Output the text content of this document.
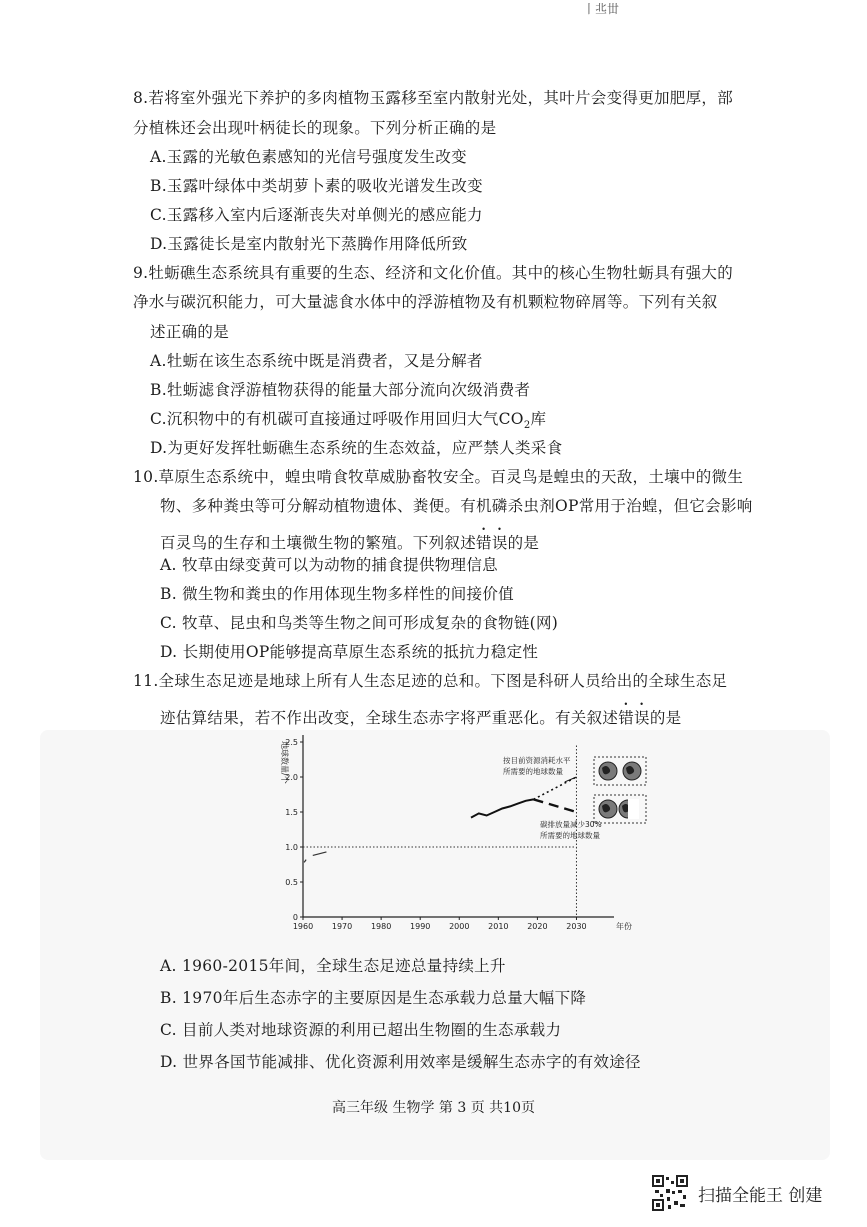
丨丠丗
8.若将室外强光下养护的多肉植物玉露移至室内散射光处，其叶片会变得更加肥厚，部
分植株还会出现叶柄徒长的现象。下列分析正确的是
A.玉露的光敏色素感知的光信号强度发生改变
B.玉露叶绿体中类胡萝卜素的吸收光谱发生改变
C.玉露移入室内后逐渐丧失对单侧光的感应能力
D.玉露徒长是室内散射光下蒸腾作用降低所致
9.牡蛎礁生态系统具有重要的生态、经济和文化价值。其中的核心生物牡蛎具有强大的
净水与碳沉积能力，可大量滤食水体中的浮游植物及有机颗粒物碎屑等。下列有关叙
述正确的是
A.牡蛎在该生态系统中既是消费者，又是分解者
B.牡蛎滤食浮游植物获得的能量大部分流向次级消费者
C.沉积物中的有机碳可直接通过呼吸作用回归大气$CO_2$库
D.为更好发挥牡蛎礁生态系统的生态效益，应严禁人类采食
10.草原生态系统中，蝗虫啃食牧草威胁畜牧安全。百灵鸟是蝗虫的天敌，土壤中的微生
物、多种粪虫等可分解动植物遗体、粪便。有机磷杀虫剂OP常用于治蝗，但它会影响
百灵鸟的生存和土壤微生物的繁殖。下列叙述错误的是
A. 牧草由绿变黄可以为动物的捕食提供物理信息
B. 微生物和粪虫的作用体现生物多样性的间接价值
C. 牧草、昆虫和鸟类等生物之间可形成复杂的食物链(网)
D. 长期使用OP能够提高草原生态系统的抵抗力稳定性
11.全球生态足迹是地球上所有人生态足迹的总和。下图是科研人员给出的全球生态足
迹估算结果，若不作出改变，全球生态赤字将严重恶化。有关叙述错误的是
地球数量/个
年份
1960 1970 1980 1990 2000 2010 2020 2030
0
0.5
1.0
1.5
2.0
2.5
按目前资源消耗水平
所需要的地球数量
碳排放量减少30%
所需要的地球数量
A. 1960-2015年间，全球生态足迹总量持续上升
B. 1970年后生态赤字的主要原因是生态承载力总量大幅下降
C. 目前人类对地球资源的利用已超出生物圈的生态承载力
D. 世界各国节能减排、优化资源利用效率是缓解生态赤字的有效途径
高三年级 生物学 第 3 页 共10页
扫描全能王 创建
